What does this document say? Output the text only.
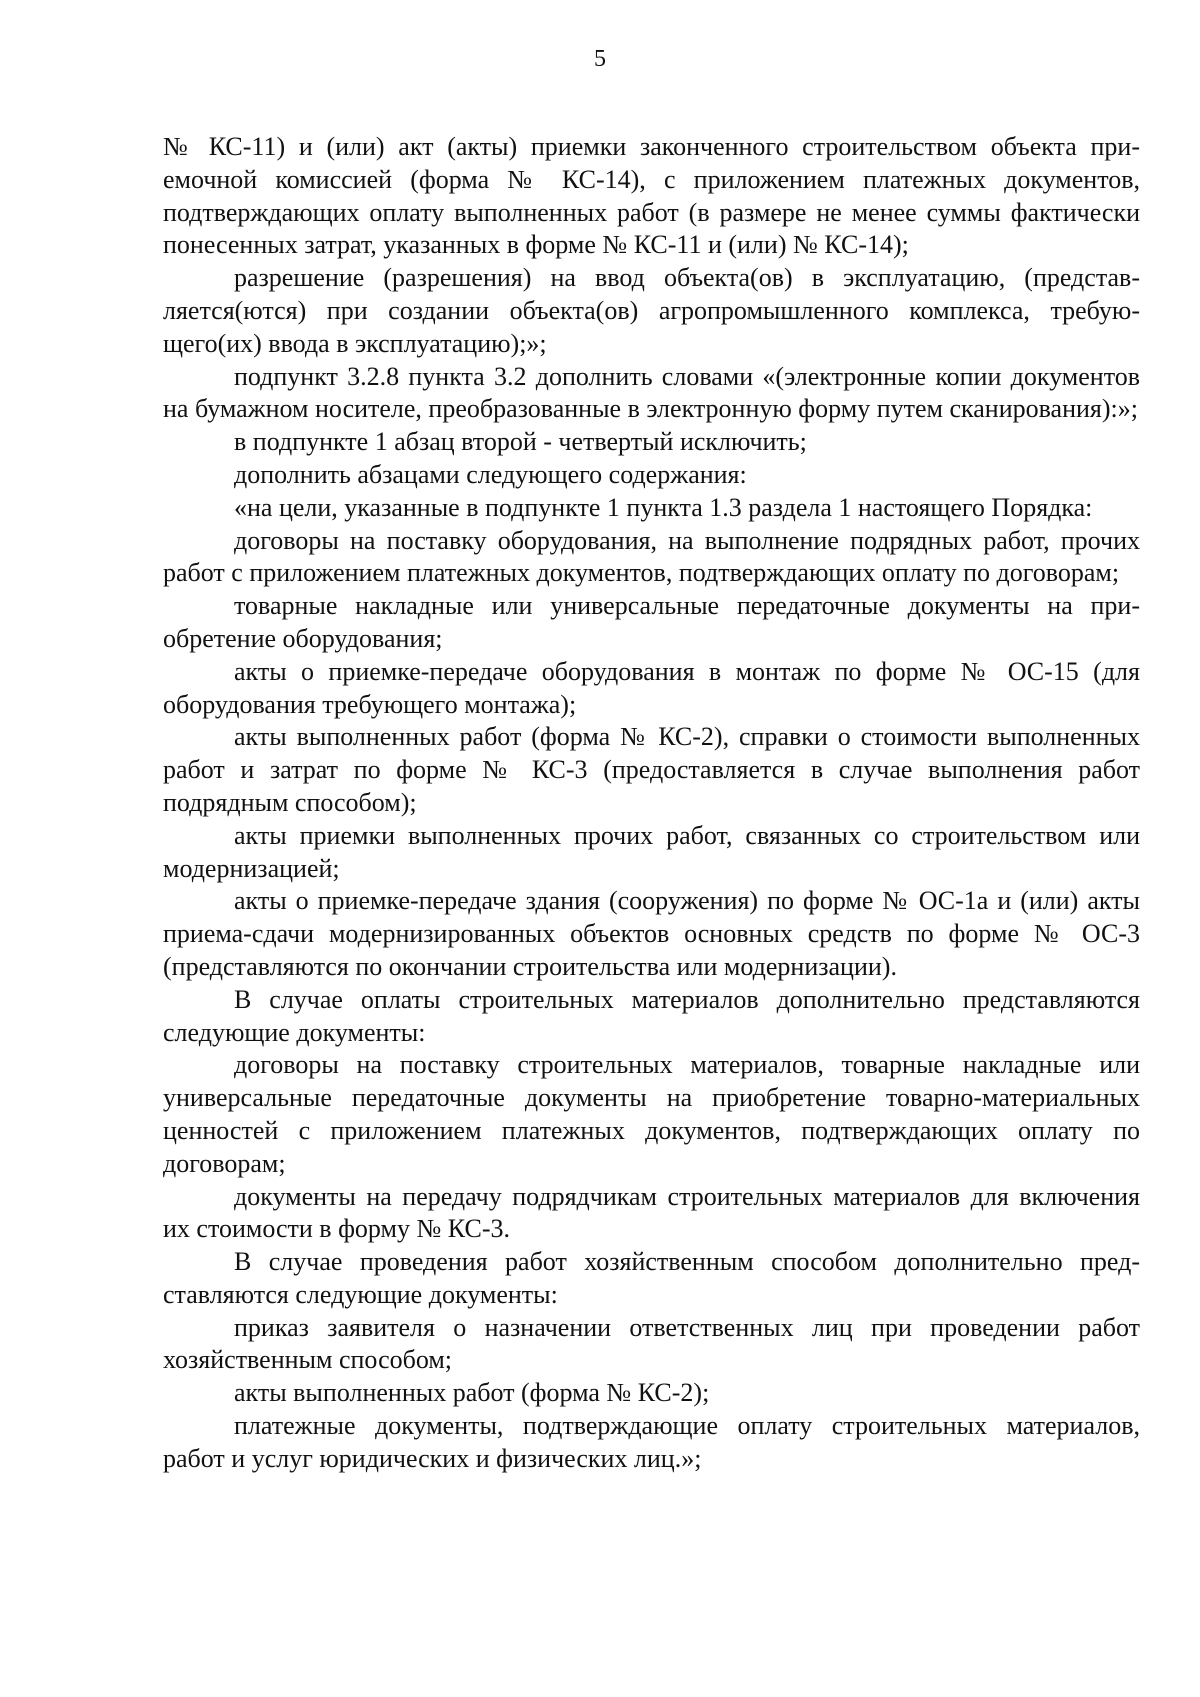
5

№ КС-11) и (или) акт (акты) приемки законченного строительством объекта приемочной комиссией (форма № КС-14), с приложением платежных документов, подтверждающих оплату выполненных работ (в размере не менее суммы фактически понесенных затрат, указанных в форме № КС-11 и (или) № КС-14);

разрешение (разрешения) на ввод объекта(ов) в эксплуатацию, (представляется(ются) при создании объекта(ов) агропромышленного комплекса, требующего(их) ввода в эксплуатацию);»;

подпункт 3.2.8 пункта 3.2 дополнить словами «(электронные копии документов на бумажном носителе, преобразованные в электронную форму путем сканирования):»;

в подпункте 1 абзац второй - четвертый исключить;

дополнить абзацами следующего содержания:

«на цели, указанные в подпункте 1 пункта 1.3 раздела 1 настоящего Порядка:

договоры на поставку оборудования, на выполнение подрядных работ, прочих работ с приложением платежных документов, подтверждающих оплату по договорам;

товарные накладные или универсальные передаточные документы на приобретение оборудования;

акты о приемке-передаче оборудования в монтаж по форме № ОС-15 (для оборудования требующего монтажа);

акты выполненных работ (форма № КС-2), справки о стоимости выполненных работ и затрат по форме № КС-3 (предоставляется в случае выполнения работ подрядным способом);

акты приемки выполненных прочих работ, связанных со строительством или модернизацией;

акты о приемке-передаче здания (сооружения) по форме № ОС-1а и (или) акты приема-сдачи модернизированных объектов основных средств по форме № ОС-3 (представляются по окончании строительства или модернизации).

В случае оплаты строительных материалов дополнительно представляются следующие документы:

договоры на поставку строительных материалов, товарные накладные или универсальные передаточные документы на приобретение товарно-материальных ценностей с приложением платежных документов, подтверждающих оплату по договорам;

документы на передачу подрядчикам строительных материалов для включения их стоимости в форму № КС-3.

В случае проведения работ хозяйственным способом дополнительно представляются следующие документы:

приказ заявителя о назначении ответственных лиц при проведении работ хозяйственным способом;

акты выполненных работ (форма № КС-2);

платежные документы, подтверждающие оплату строительных материалов, работ и услуг юридических и физических лиц.»;
